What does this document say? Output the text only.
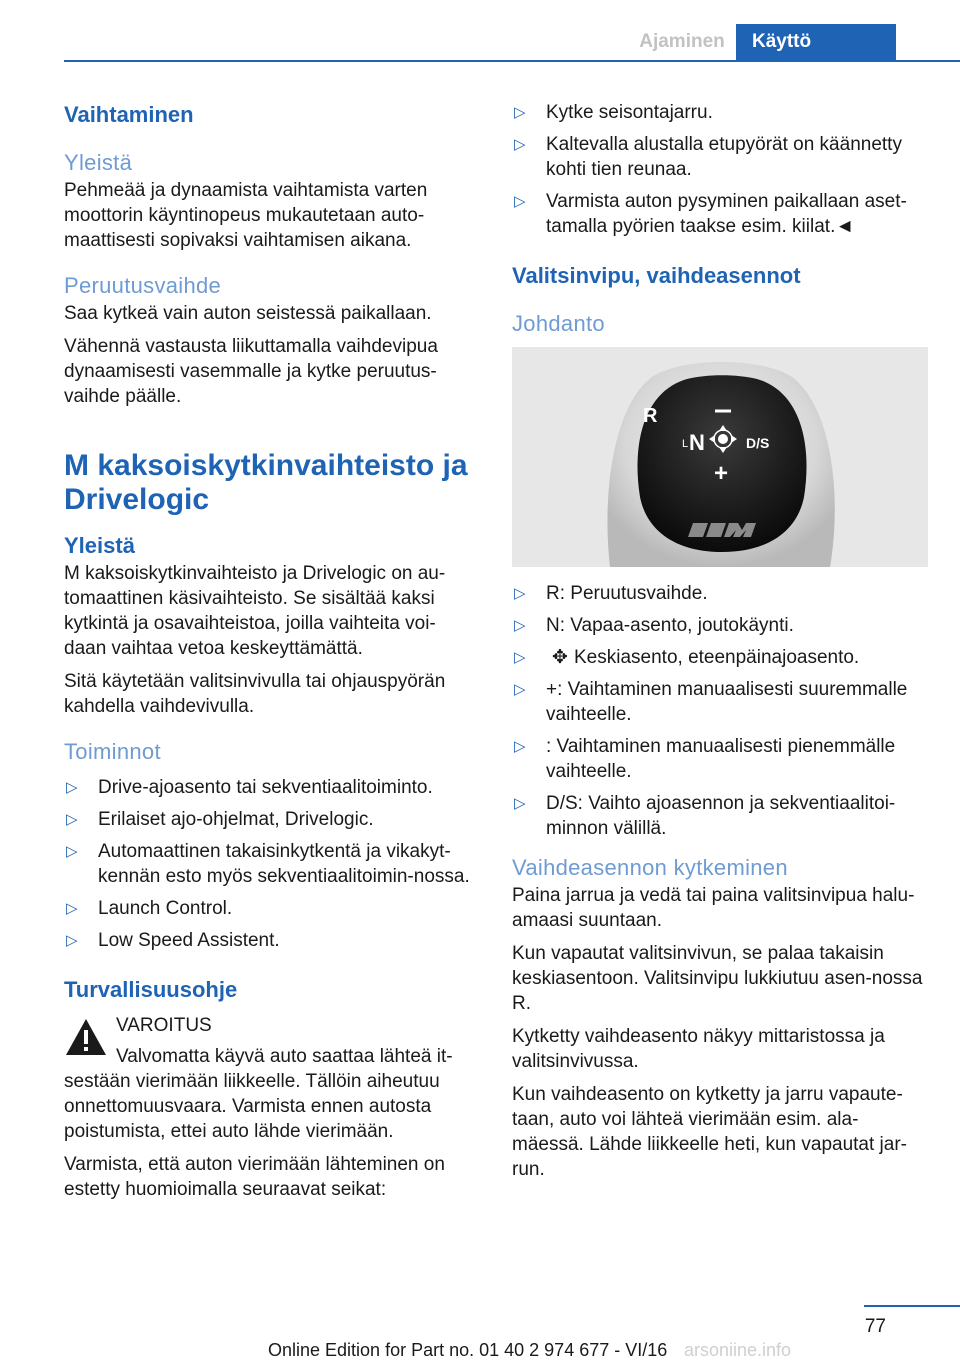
Ajaminen	Käyttö
Vaihtaminen
Yleistä

Pehmeää ja dynaamista vaihtamista varten moottorin käyntinopeus mukautetaan auto-maattisesti sopivaksi vaihtamisen aikana.

Peruutusvaihde

Saa kytkeä vain auton seistessä paikallaan.

Vähennä vastausta liikuttamalla vaihdevipua dynaamisesti vasemmalle ja kytke peruutus-vaihde päälle.

M kaksoiskytkinvaihteisto ja Drivelogic
Yleistä

M kaksoiskytkinvaihteisto ja Drivelogic on au-tomaattinen käsivaihteisto. Se sisältää kaksi kytkintä ja osavaihteistoa, joilla vaihteita voi-daan vaihtaa vetoa keskeyttämättä.

Sitä käytetään valitsinvivulla tai ohjauspyörän kahdella vaihdevivulla.

Toiminnot
▷ Drive-ajoasento tai sekventiaalitoiminto.
▷ Erilaiset ajo-ohjelmat, Drivelogic.
▷ Automaattinen takaisinkytkentä ja vikakyt-kennän esto myös sekventiaalitoimin-nossa.
▷ Launch Control.
▷ Low Speed Assistent.
Turvallisuusohje
VAROITUS
Valvomatta käyvä auto saattaa lähteä it-sestään vierimään liikkeelle. Tällöin aiheutuu onnettomuusvaara. Varmista ennen autosta poistumista, ettei auto lähde vierimään.

Varmista, että auton vierimään lähteminen on estetty huomioimalla seuraavat seikat:

▷ Kytke seisontajarru.
▷ Kaltevalla alustalla etupyörät on käännetty kohti tien reunaa.
▷ Varmista auton pysyminen paikallaan aset-tamalla pyörien taakse esim. kiilat.◄
Valitsinvipu, vaihdeasennot
Johdanto
R
L N	D/S
+
▷ R: Peruutusvaihde.
▷ N: Vapaa-asento, joutokäynti.
▷ ✥ Keskiasento, eteenpäinajoasento.
▷ +: Vaihtaminen manuaalisesti suuremmalle vaihteelle.
▷ : Vaihtaminen manuaalisesti pienemmälle vaihteelle.
▷ D/S: Vaihto ajoasennon ja sekventiaalitoi-minnon välillä.
Vaihdeasennon kytkeminen

Paina jarrua ja vedä tai paina valitsinvipua halu-amaasi suuntaan.

Kun vapautat valitsinvivun, se palaa takaisin keskiasentoon. Valitsinvipu lukkiutuu asen-nossa R.

Kytketty vaihdeasento näkyy mittaristossa ja valitsinvivussa.

Kun vaihdeasento on kytketty ja jarru vapaute-taan, auto voi lähteä vierimään esim. ala-mäessä. Lähde liikkeelle heti, kun vapautat jar-run.

77
Online Edition for Part no. 01 40 2 974 677 - VI/16 arsoniine.info
